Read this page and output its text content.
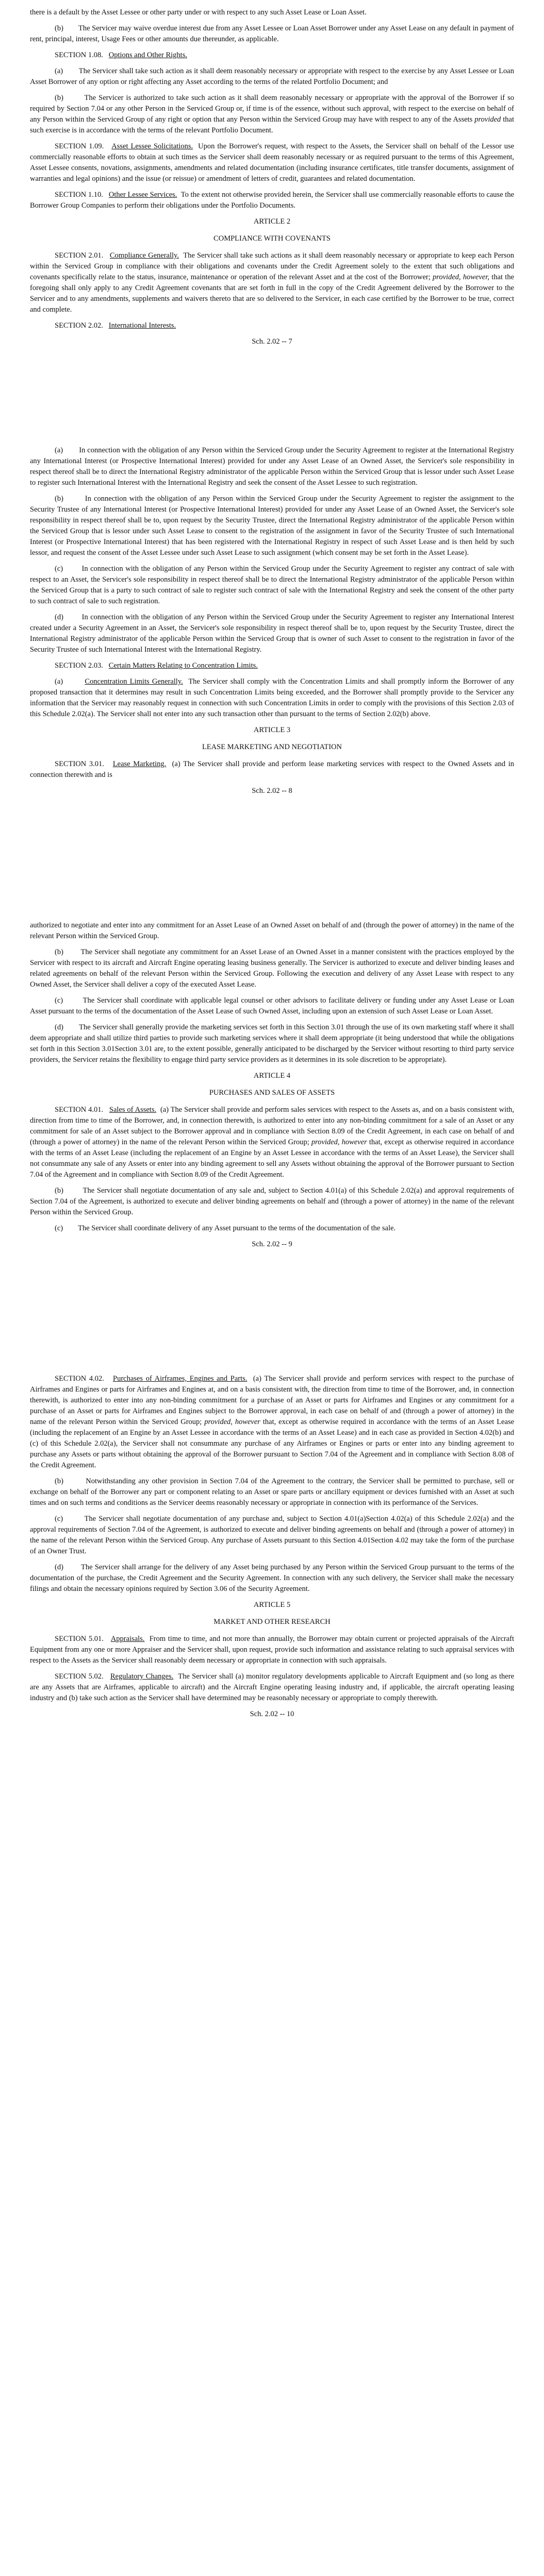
there is a default by the Asset Lessee or other party under or with respect to any such Asset Lease or Loan Asset.

(b) The Servicer may waive overdue interest due from any Asset Lessee or Loan Asset Borrower under any Asset Lease on any default in payment of rent, principal, interest, Usage Fees or other amounts due thereunder, as applicable.

SECTION 1.08. Options and Other Rights.

(a) The Servicer shall take such action as it shall deem reasonably necessary or appropriate with respect to the exercise by any Asset Lessee or Loan Asset Borrower of any option or right affecting any Asset according to the terms of the related Portfolio Document; and

(b)	The Servicer is authorized to take such action as it shall deem reasonably necessary or appropriate with the approval of the Borrower if so required by Section 7.04 or any other Person in the Serviced Group or, if time is of the essence, without such approval, with respect to the exercise on behalf of any Person within the Serviced Group of any right or option that any Person within the Serviced Group may have with respect to any of the Assets provided that such exercise is in accordance with the terms of the relevant Portfolio Document.

SECTION 1.09. Asset Lessee Solicitations. Upon the Borrower's request, with respect to the Assets, the Servicer shall on behalf of the Lessor use commercially reasonable efforts to obtain at such times as the Servicer shall deem reasonably necessary or as required pursuant to the terms of this Agreement, Asset Lessee consents, novations, assignments, amendments and related documentation (including insurance certificates, title transfer documents, assignment of warranties and legal opinions) and the issue (or reissue) or amendment of letters of credit, guarantees and related documentation.

SECTION 1.10. Other Lessee Services. To the extent not otherwise provided herein, the Servicer shall use commercially reasonable efforts to cause the Borrower Group Companies to perform their obligations under the Portfolio Documents.

ARTICLE 2

COMPLIANCE WITH COVENANTS

SECTION 2.01. Compliance Generally. The Servicer shall take such actions as it shall deem reasonably necessary or appropriate to keep each Person within the Serviced Group in compliance with their obligations and covenants under the Credit Agreement solely to the extent that such obligations and covenants specifically relate to the status, insurance, maintenance or operation of the relevant Asset and at the cost of the Borrower; provided, however, that the foregoing shall only apply to any Credit Agreement covenants that are set forth in full in the copy of the Credit Agreement delivered by the Borrower to the Servicer and to any amendments, supplements and waivers thereto that are so delivered to the Servicer, in each case certified by the Borrower to be true, correct and complete.

SECTION 2.02. International Interests.

Sch. 2.02 -- 7

(a) In connection with the obligation of any Person within the Serviced Group under the Security Agreement to register at the International Registry any International Interest (or Prospective International Interest) provided for under any Asset Lease of an Owned Asset, the Servicer's sole responsibility in respect thereof shall be to direct the International Registry administrator of the applicable Person within the Serviced Group that is lessor under such Asset Lease to register such International Interest with the International Registry and seek the consent of the Asset Lessee to such registration.

(b)	In connection with the obligation of any Person within the Serviced Group under the Security Agreement to register the assignment to the Security Trustee of any International Interest (or Prospective International Interest) provided for under any Asset Lease of an Owned Asset, the Servicer's sole responsibility in respect thereof shall be to, upon request by the Security Trustee, direct the International Registry administrator of the applicable Person within the Serviced Group that is lessor under such Asset Lease to consent to the registration of the assignment in favor of the Security Trustee of such International Interest (or Prospective International Interest) that has been registered with the International Registry in respect of such Asset Lease and is then held by such lessor, and request the consent of the Asset Lessee under such Asset Lease to such assignment (which consent may be set forth in the Asset Lease).

(c)	In connection with the obligation of any Person within the Serviced Group under the Security Agreement to register any contract of sale with respect to an Asset, the Servicer's sole responsibility in respect thereof shall be to direct the International Registry administrator of the applicable Person within the Serviced Group that is a party to such contract of sale to register such contract of sale with the International Registry and seek the consent of the other party to such contract of sale to such registration.

(d) In connection with the obligation of any Person within the Serviced Group under the Security Agreement to register any International Interest created under a Security Agreement in an Asset, the Servicer's sole responsibility in respect thereof shall be to, upon request by the Security Trustee, direct the International Registry administrator of the applicable Person within the Serviced Group that is owner of such Asset to consent to the registration in favor of the Security Trustee of such International Interest with the International Registry.

SECTION 2.03. Certain Matters Relating to Concentration Limits.

(a)	Concentration Limits Generally. The Servicer shall comply with the Concentration Limits and shall promptly inform the Borrower of any proposed transaction that it determines may result in such Concentration Limits being exceeded, and the Borrower shall promptly provide to the Servicer any information that the Servicer may reasonably request in connection with such Concentration Limits in order to comply with the provisions of this Section 2.03 of this Schedule 2.02(a). The Servicer shall not enter into any such transaction other than pursuant to the terms of Section 2.02(b) above.

ARTICLE 3

LEASE MARKETING AND NEGOTIATION

SECTION 3.01. Lease Marketing. (a) The Servicer shall provide and perform lease marketing services with respect to the Owned Assets and in connection therewith and is

Sch. 2.02 -- 8

authorized to negotiate and enter into any commitment for an Asset Lease of an Owned Asset on behalf of and (through the power of attorney) in the name of the relevant Person within the Serviced Group.

(b) The Servicer shall negotiate any commitment for an Asset Lease of an Owned Asset in a manner consistent with the practices employed by the Servicer with respect to its aircraft and Aircraft Engine operating leasing business generally. The Servicer is authorized to execute and deliver binding leases and related agreements on behalf of the relevant Person within the Serviced Group. Following the execution and delivery of any Asset Lease with respect to any Owned Asset, the Servicer shall deliver a copy of the executed Asset Lease.

(c)	The Servicer shall coordinate with applicable legal counsel or other advisors to facilitate delivery or funding under any Asset Lease or Loan Asset pursuant to the terms of the documentation of the Asset Lease of such Owned Asset, including upon an extension of such Asset Lease or Loan Asset.

(d) The Servicer shall generally provide the marketing services set forth in this Section 3.01 through the use of its own marketing staff where it shall deem appropriate and shall utilize third parties to provide such marketing services where it shall deem appropriate (it being understood that while the obligations set forth in this Section 3.01Section 3.01 are, to the extent possible, generally anticipated to be discharged by the Servicer without resorting to third party service providers, the Servicer retains the flexibility to engage third party service providers as it determines in its sole discretion to be appropriate).

ARTICLE 4

PURCHASES AND SALES OF ASSETS

SECTION 4.01. Sales of Assets. (a) The Servicer shall provide and perform sales services with respect to the Assets as, and on a basis consistent with, direction from time to time of the Borrower, and, in connection therewith, is authorized to enter into any non-binding commitment for a sale of an Asset or any commitment for sale of an Asset subject to the Borrower approval and in compliance with Section 8.09 of the Credit Agreement, in each case on behalf of and (through a power of attorney) in the name of the relevant Person within the Serviced Group; provided, however that, except as otherwise required in accordance with the terms of an Asset Lease (including the replacement of an Engine by an Asset Lessee in accordance with the terms of an Asset Lease), the Servicer shall not consummate any sale of any Assets or enter into any binding agreement to sell any Assets without obtaining the approval of the Borrower pursuant to Section 7.04 of the Agreement and in compliance with Section 8.09 of the Credit Agreement.

(b)	The Servicer shall negotiate documentation of any sale and, subject to Section 4.01(a) of this Schedule 2.02(a) and approval requirements of Section 7.04 of the Agreement, is authorized to execute and deliver binding agreements on behalf and (through a power of attorney) in the name of the relevant Person within the Serviced Group.

(c) The Servicer shall coordinate delivery of any Asset pursuant to the terms of the documentation of the sale.

Sch. 2.02 -- 9

SECTION 4.02. Purchases of Airframes, Engines and Parts. (a) The Servicer shall provide and perform services with respect to the purchase of Airframes and Engines or parts for Airframes and Engines at, and on a basis consistent with, the direction from time to time of the Borrower, and, in connection therewith, is authorized to enter into any non-binding commitment for a purchase of an Asset or parts for Airframes and Engines or any commitment for a purchase of an Asset or parts for Airframes and Engines subject to the Borrower approval, in each case on behalf of and (through a power of attorney) in the name of the relevant Person within the Serviced Group; provided, however that, except as otherwise required in accordance with the terms of an Asset Lease (including the replacement of an Engine by an Asset Lessee in accordance with the terms of an Asset Lease) and in each case as provided in Section 4.02(b) and (c) of this Schedule 2.02(a), the Servicer shall not consummate any purchase of any Airframes or Engines or parts or enter into any binding agreement to purchase any Assets or parts without obtaining the approval of the Borrower pursuant to Section 7.04 of the Agreement and in compliance with Section 8.08 of the Credit Agreement.

(b)	Notwithstanding any other provision in Section 7.04 of the Agreement to the contrary, the Servicer shall be permitted to purchase, sell or exchange on behalf of the Borrower any part or component relating to an Asset or spare parts or ancillary equipment or devices furnished with an Asset at such times and on such terms and conditions as the Servicer deems reasonably necessary or appropriate in connection with its performance of the Services.

(c)	The Servicer shall negotiate documentation of any purchase and, subject to Section 4.01(a)Section 4.02(a) of this Schedule 2.02(a) and the approval requirements of Section 7.04 of the Agreement, is authorized to execute and deliver binding agreements on behalf and (through a power of attorney) in the name of the relevant Person within the Serviced Group. Any purchase of Assets pursuant to this Section 4.01Section 4.02 may take the form of the purchase of an Owner Trust.

(d) The Servicer shall arrange for the delivery of any Asset being purchased by any Person within the Serviced Group pursuant to the terms of the documentation of the purchase, the Credit Agreement and the Security Agreement. In connection with any such delivery, the Servicer shall make the necessary filings and obtain the necessary opinions required by Section 3.06 of the Security Agreement.

ARTICLE 5

MARKET AND OTHER RESEARCH

SECTION 5.01. Appraisals. From time to time, and not more than annually, the Borrower may obtain current or projected appraisals of the Aircraft Equipment from any one or more Appraiser and the Servicer shall, upon request, provide such information and assistance relating to such appraisal services with respect to the Assets as the Servicer shall reasonably deem necessary or appropriate in connection with such appraisals.

SECTION 5.02. Regulatory Changes. The Servicer shall (a) monitor regulatory developments applicable to Aircraft Equipment and (so long as there are any Assets that are Airframes, applicable to aircraft) and the Aircraft Engine operating leasing industry and, if applicable, the aircraft operating leasing industry and (b) take such action as the Servicer shall have determined may be reasonably necessary or appropriate to comply therewith.

Sch. 2.02 -- 10
